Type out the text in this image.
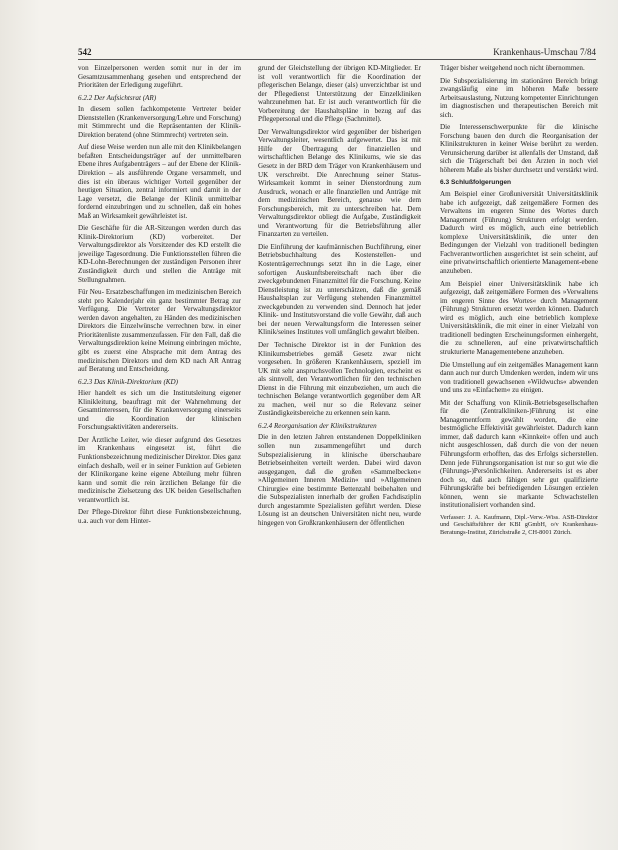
542	Krankenhaus-Umschau 7/84

von Einzelpersonen werden somit nur in der im Gesamtzusammenhang gesehen und entsprechend der Prioritäten der Erledigung zugeführt.

6.2.2 Der Aufsichtsrat (AR)

In diesem sollen fachkompetente Vertreter beider Dienststellen (Krankenversorgung/Lehre und Forschung) mit Stimmrecht und die Repräsentanten der Klinik-Direktion beratend (ohne Stimmrecht) vertreten sein.

Auf diese Weise werden nun alle mit den Klinikbelangen befaßten Entscheidungsträger auf der unmittelbaren Ebene ihres Aufgabenträgers – auf der Ebene der Klinik-Direktion – als ausführende Organe versammelt, und dies ist ein überaus wichtiger Vorteil gegenüber der heutigen Situation, zentral informiert und damit in der Lage versetzt, die Belange der Klinik unmittelbar fordernd einzubringen und zu schnellen, daß ein hohes Maß an Wirksamkeit gewährleistet ist.

Die Geschäfte für die AR-Sitzungen werden durch das Klinik-Direktorium (KD) vorbereitet. Der Verwaltungsdirektor als Vorsitzender des KD erstellt die jeweilige Tagesordnung. Die Funktionsstellen führen die KD-Lohn-Berechnungen der zuständigen Personen ihrer Zuständigkeit durch und stellen die Anträge mit Stellungnahmen.

Für Neu- Ersatzbeschaffungen im medizinischen Bereich steht pro Kalenderjahr ein ganz bestimmter Betrag zur Verfügung. Die Vertreter der Verwaltungsdirektor werden davon angehalten, zu Händen des medizinischen Direktors die Einzelwünsche verrechnen bzw. in einer Prioritätenliste zusammenzufassen. Für den Fall, daß die Verwaltungsdirektion keine Meinung einbringen möchte, gibt es zuerst eine Absprache mit dem Antrag des medizinischen Direktors und dem KD nach AR Antrag auf Beratung und Entscheidung.

6.2.3 Das Klinik-Direktorium (KD)

Hier handelt es sich um die Institutsleitung eigener Klinikleitung, beauftragt mit der Wahrnehmung der Gesamtinteressen, für die Krankenversorgung einerseits und die Koordination der klinischen Forschungsaktivitäten andererseits.

Der Ärztliche Leiter, wie dieser aufgrund des Gesetzes im Krankenhaus eingesetzt ist, führt die Funktionsbezeichnung medizinischer Direktor. Dies ganz einfach deshalb, weil er in seiner Funktion auf Gebieten der Klinikorgane keine eigene Abteilung mehr führen kann und somit die rein ärztlichen Belange für die medizinische Zielsetzung des UK beiden Gesellschaften verantwortlich ist.

Der Pflege-Direktor führt diese Funktionsbezeichnung, u.a. auch vor dem Hinter-

grund der Gleichstellung der übrigen KD-Mitglieder. Er ist voll verantwortlich für die Koordination der pflegerischen Belange, dieser (als) unverzichtbar ist und der Pflegedienst Unterstützung der Einzelkliniken wahrzunehmen hat. Er ist auch verantwortlich für die Vorbereitung der Haushaltspläne in bezug auf das Pflegepersonal und die Pflege (Sachmittel).

Der Verwaltungsdirektor wird gegenüber der bisherigen Verwaltungsleiter, wesentlich aufgewertet. Das ist mit Hilfe der Übertragung der finanziellen und wirtschaftlichen Belange des Klinikums, wie sie das Gesetz in der BRD dem Träger von Krankenhäusern und UK verschreibt. Die Anrechnung seiner Status-Wirksamkeit kommt in seiner Dienstordnung zum Ausdruck, wonach er alle finanziellen und Anträge mit dem medizinischen Bereich, genauso wie dem Forschungsbereich, mit zu unterschreiben hat. Dem Verwaltungsdirektor obliegt die Aufgabe, Zuständigkeit und Verantwortung für die Betriebsführung aller Finanzarten zu verteilen.

Die Einführung der kaufmännischen Buchführung, einer Betriebsbuchhaltung des Kostenstellen- und Kostenträgerrechnungs setzt ihn in die Lage, einer sofortigen Auskunftsbereitschaft nach über die zweckgebundenen Finanzmittel für die Forschung. Keine Dienstleistung ist zu unterschätzen, daß die gemäß Haushaltsplan zur Verfügung stehenden Finanzmittel zweckgebunden zu verwenden sind. Dennoch hat jeder Klinik- und Institutsvorstand die volle Gewähr, daß auch bei der neuen Verwaltungsform die Interessen seiner Klinik/seines Institutes voll umfänglich gewahrt bleiben.

Der Technische Direktor ist in der Funktion des Klinikumsbetriebes gemäß Gesetz zwar nicht vorgesehen. In größeren Krankenhäusern, speziell im UK mit sehr anspruchsvollen Technologien, erscheint es als sinnvoll, den Verantwortlichen für den technischen Dienst in die Führung mit einzubeziehen, um auch die technischen Belange verantwortlich gegenüber dem AR zu machen, weil nur so die Relevanz seiner Zuständigkeitsbereiche zu erkennen sein kann.

6.2.4 Reorganisation der Klinikstrukturen

Die in den letzten Jahren entstandenen Doppelkliniken sollen nun zusammengeführt und durch Subspezialisierung in klinische überschaubare Betriebseinheiten verteilt werden. Dabei wird davon ausgegangen, daß die großen »Sammelbecken« »Allgemeinen Inneren Medizin« und »Allgemeinen Chirurgie« eine bestimmte Bettenzahl beibehalten und die Subspezialisten innerhalb der großen Fachdisziplin durch angestammte Spezialisten geführt werden. Diese Lösung ist an deutschen Universitäten nicht neu, wurde hingegen von Großkrankenhäusern der öffentlichen

Träger bisher weitgehend noch nicht übernommen.

Die Subspezialisierung im stationären Bereich bringt zwangsläufig eine im höheren Maße bessere Arbeitsauslastung, Nutzung kompetenter Einrichtungen im diagnostischen und therapeutischen Bereich mit sich.

Die Interessenschwerpunkte für die klinische Forschung bauen den durch die Reorganisation der Klinikstrukturen in keiner Weise berührt zu werden. Verunsicherung darüber ist allenfalls der Umstand, daß sich die Trägerschaft bei den Ärzten in noch viel höherem Maße als bisher durchsetzt und verstärkt wird.

6.3 Schlußfolgerungen

Am Beispiel einer Großuniversität Universitätsklinik habe ich aufgezeigt, daß zeitgemäßere Formen des Verwaltens im engeren Sinne des Wortes durch Management (Führung) Strukturen erfolgt werden. Dadurch wird es möglich, auch eine betrieblich komplexe Universitätsklinik, die unter den Bedingungen der Vielzahl von traditionell bedingten Fachverantwortlichen ausgerichtet ist sein scheint, auf eine privatwirtschaftlich orientierte Management-ebene anzuheben.

Am Beispiel einer Universitätsklinik habe ich aufgezeigt, daß zeitgemäßere Formen des »Verwaltens im engeren Sinne des Wortes« durch Management (Führung) Strukturen ersetzt werden können. Dadurch wird es möglich, auch eine betrieblich komplexe Universitätsklinik, die mit einer in einer Vielzahl von traditionell bedingten Erscheinungsformen einhergeht, die zu schnelleren, auf eine privatwirtschaftlich strukturierte Managementebene anzuheben.

Die Umstellung auf ein zeitgemäßes Management kann dann auch nur durch Umdenken werden, indem wir uns von traditionell gewachsenen »Wildwuchs« abwenden und uns zu »Einfachem« zu einigen.

Mit der Schaffung von Klinik-Betriebsgesellschaften für die (Zentralkliniken-)Führung ist eine Managementform gewählt worden, die eine bestmögliche Effektivität gewährleistet. Dadurch kann immer, daß dadurch kann »Kinnkeit« offen und auch nicht ausgeschlossen, daß durch die von der neuen Führungsform erhofften, das des Erfolgs sicherstellen. Denn jede Führungsorganisation ist nur so gut wie die (Führungs-)Persönlichkeiten. Andererseits ist es aber doch so, daß auch fähigen sehr gut qualifizierte Führungskräfte bei befriedigenden Lösungen erzielen können, wenn sie markante Schwachstellen institutionalisiert vorhanden sind.

Verfasser: J. A. Kaufmann, Dipl.-Verw.-Wiss. ASB-Direktor und Geschäftsführer der KBI gGmbH, o/v Krankenhaus-Beratungs-Institut, Zürichstraße 2, CH-8001 Zürich.
